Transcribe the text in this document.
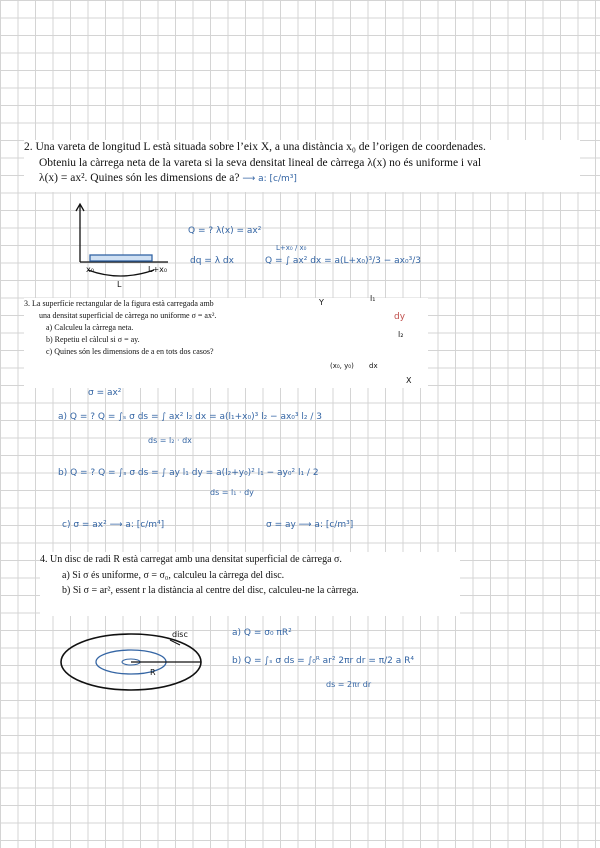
2. Una vareta de longitud L està situada sobre l’eix X, a una distància x₀ de l’origen de coordenades.
Obteniu la càrrega neta de la vareta si la seva densitat lineal de càrrega λ(x) no és uniforme i val
λ(x) = ax². Quines són les dimensions de a? ⟶ a: [c/m³]
x₀	L+x₀
L
Q = ? λ(x) = ax²
dq = λ dx	Q = ∫ ax² dx = a(L+x₀)³/3 − ax₀³/3
L+x₀ / x₀
3. La superfície rectangular de la figura està carregada amb
una densitat superficial de càrrega no uniforme σ = ax².
a) Calculeu la càrrega neta.
b) Repetiu el càlcul si σ = ay.
c) Quines són les dimensions de a en tots dos casos?
Y
X
l₁
l₂
(x₀, y₀) dx
dy
σ = ax²
a) Q = ? Q = ∫ₛ σ ds = ∫ ax² l₂ dx = a(l₁+x₀)³ l₂ − ax₀³ l₂ / 3
ds = l₂ · dx
b) Q = ? Q = ∫ₛ σ ds = ∫ ay l₁ dy = a(l₂+y₀)² l₁ − ay₀² l₁ / 2
ds = l₁ · dy
c) σ = ax² ⟶ a: [c/m⁴]	σ = ay ⟶ a: [c/m³]
4. Un disc de radi R està carregat amb una densitat superficial de càrrega σ.
a) Si σ és uniforme, σ = σ₀, calculeu la càrrega del disc.
b) Si σ = ar², essent r la distància al centre del disc, calculeu-ne la càrrega.
disc
R
a) Q = σ₀ πR²
b) Q = ∫ₛ σ ds = ∫₀ᴿ ar² 2πr dr = π/2 a R⁴
ds = 2πr dr
